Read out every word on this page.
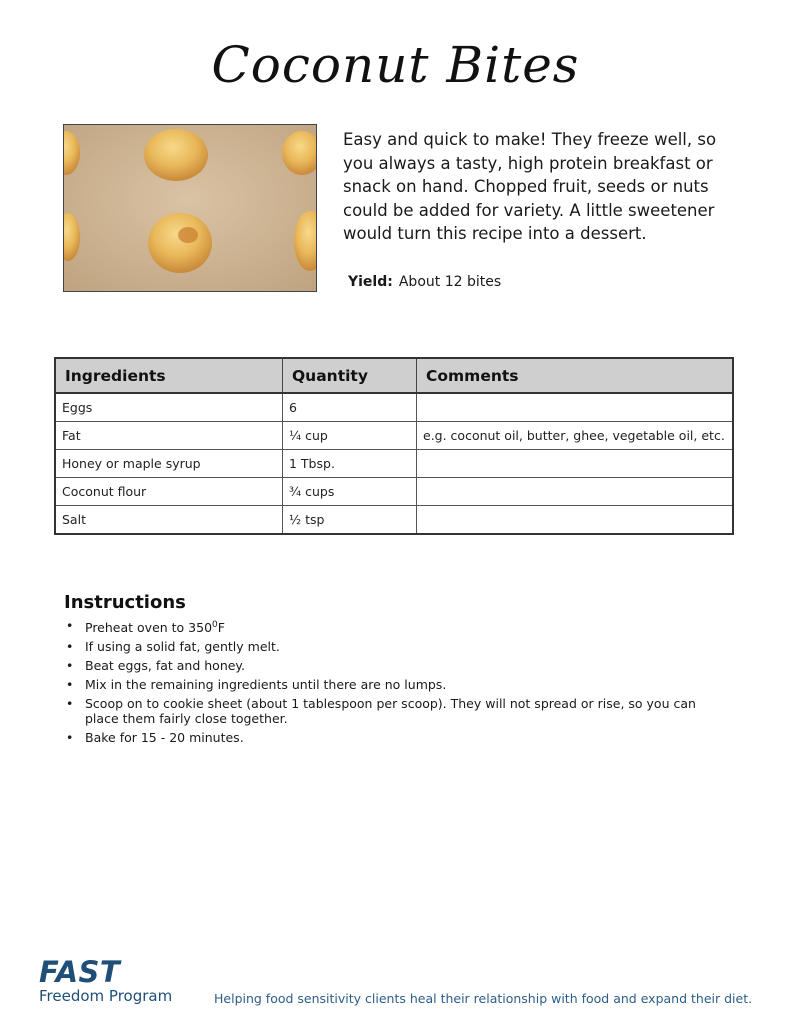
Coconut Bites
Easy and quick to make! They freeze well, so you always a tasty, high protein breakfast or snack on hand. Chopped fruit, seeds or nuts could be added for variety. A little sweetener would turn this recipe into a dessert.
Yield: About 12 bites
Ingredients	Quantity	Comments
Eggs	6	
Fat	¼ cup	e.g. coconut oil, butter, ghee, vegetable oil, etc.
Honey or maple syrup	1 Tbsp.	
Coconut flour	¾ cups	
Salt	½ tsp	
Instructions
• Preheat oven to $350^0F$
• If using a solid fat, gently melt.
• Beat eggs, fat and honey.
• Mix in the remaining ingredients until there are no lumps.
• Scoop on to cookie sheet (about 1 tablespoon per scoop). They will not spread or rise, so you can place them fairly close together.
• Bake for 15 - 20 minutes.
FAST
Freedom Program	Helping food sensitivity clients heal their relationship with food and expand their diet.
